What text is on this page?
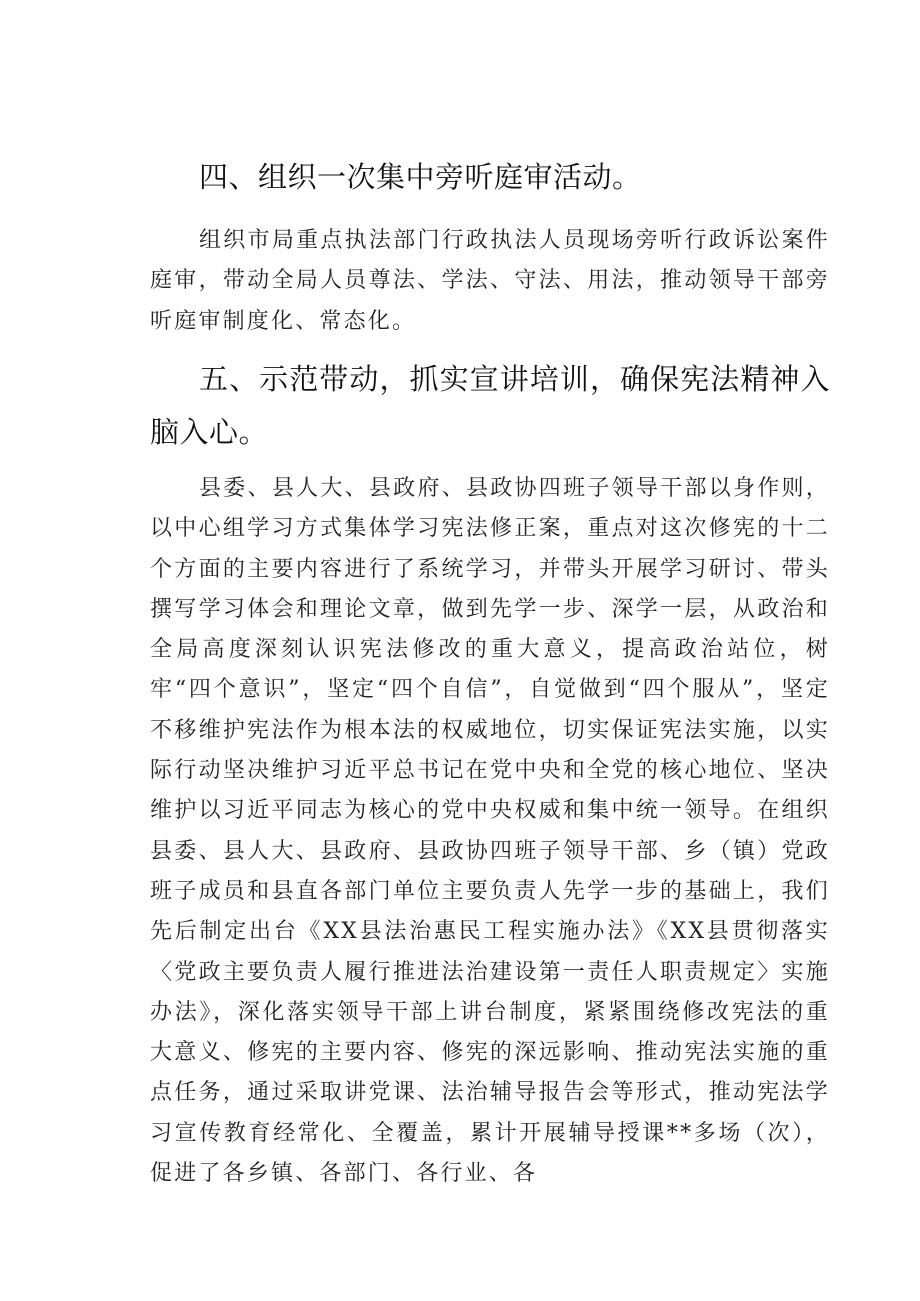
四、组织一次集中旁听庭审活动。

组织市局重点执法部门行政执法人员现场旁听行政诉讼案件庭审，带动全局人员尊法、学法、守法、用法，推动领导干部旁听庭审制度化、常态化。

五、示范带动，抓实宣讲培训，确保宪法精神入脑入心。

县委、县人大、县政府、县政协四班子领导干部以身作则，以中心组学习方式集体学习宪法修正案，重点对这次修宪的十二个方面的主要内容进行了系统学习，并带头开展学习研讨、带头撰写学习体会和理论文章，做到先学一步、深学一层，从政治和全局高度深刻认识宪法修改的重大意义，提高政治站位，树牢“四个意识”，坚定“四个自信”，自觉做到“四个服从”，坚定不移维护宪法作为根本法的权威地位，切实保证宪法实施，以实际行动坚决维护习近平总书记在党中央和全党的核心地位、坚决维护以习近平同志为核心的党中央权威和集中统一领导。在组织县委、县人大、县政府、县政协四班子领导干部、乡（镇）党政班子成员和县直各部门单位主要负责人先学一步的基础上，我们先后制定出台《XX县法治惠民工程实施办法》《XX县贯彻落实〈党政主要负责人履行推进法治建设第一责任人职责规定〉实施办法》，深化落实领导干部上讲台制度，紧紧围绕修改宪法的重大意义、修宪的主要内容、修宪的深远影响、推动宪法实施的重点任务，通过采取讲党课、法治辅导报告会等形式，推动宪法学习宣传教育经常化、全覆盖，累计开展辅导授课**多场（次），促进了各乡镇、各部门、各行业、各
